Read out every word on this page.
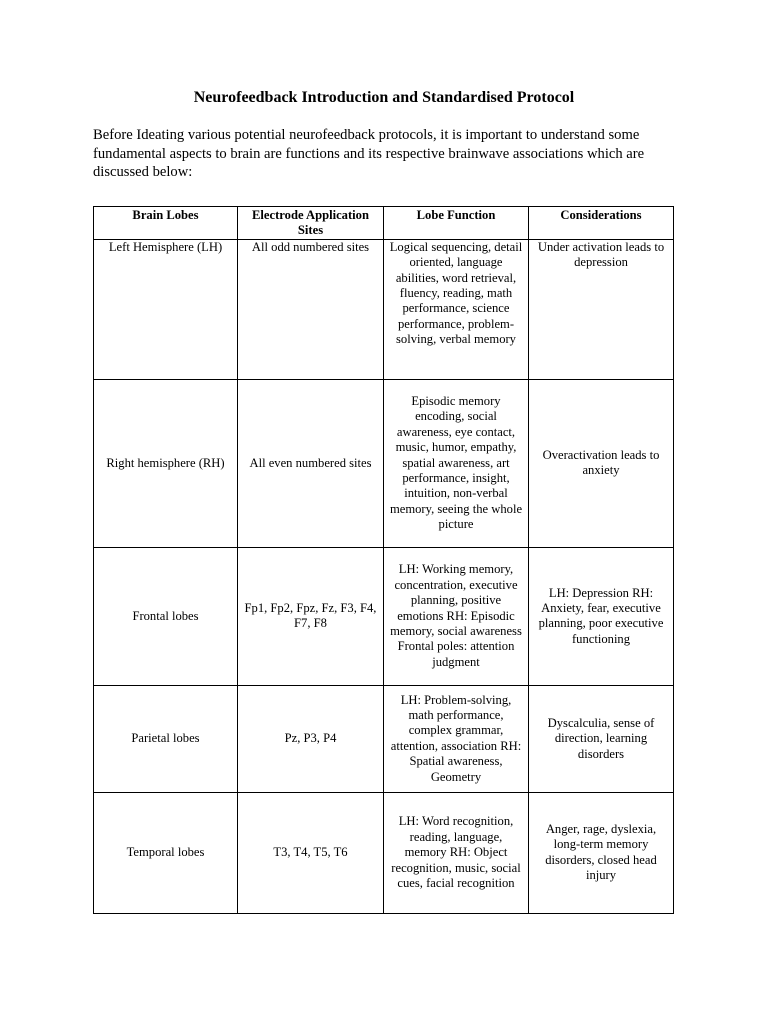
Neurofeedback Introduction and Standardised Protocol

Before Ideating various potential neurofeedback protocols, it is important to understand some fundamental aspects to brain are functions and its respective brainwave associations which are discussed below:

Brain Lobes	Electrode Application Sites	Lobe Function	Considerations
Left Hemisphere (LH)	All odd numbered sites	Logical sequencing, detail oriented, language abilities, word retrieval, fluency, reading, math performance, science performance, problem-solving, verbal memory	Under activation leads to depression
Right hemisphere (RH)	All even numbered sites	Episodic memory encoding, social awareness, eye contact, music, humor, empathy, spatial awareness, art performance, insight, intuition, non-verbal memory, seeing the whole picture	Overactivation leads to anxiety
Frontal lobes	Fp1, Fp2, Fpz, Fz, F3, F4, F7, F8	LH: Working memory, concentration, executive planning, positive emotions RH: Episodic memory, social awareness Frontal poles: attention judgment	LH: Depression RH: Anxiety, fear, executive planning, poor executive functioning
Parietal lobes	Pz, P3, P4	LH: Problem-solving, math performance, complex grammar, attention, association RH: Spatial awareness, Geometry	Dyscalculia, sense of direction, learning disorders
Temporal lobes	T3, T4, T5, T6	LH: Word recognition, reading, language, memory RH: Object recognition, music, social cues, facial recognition	Anger, rage, dyslexia, long-term memory disorders, closed head injury
